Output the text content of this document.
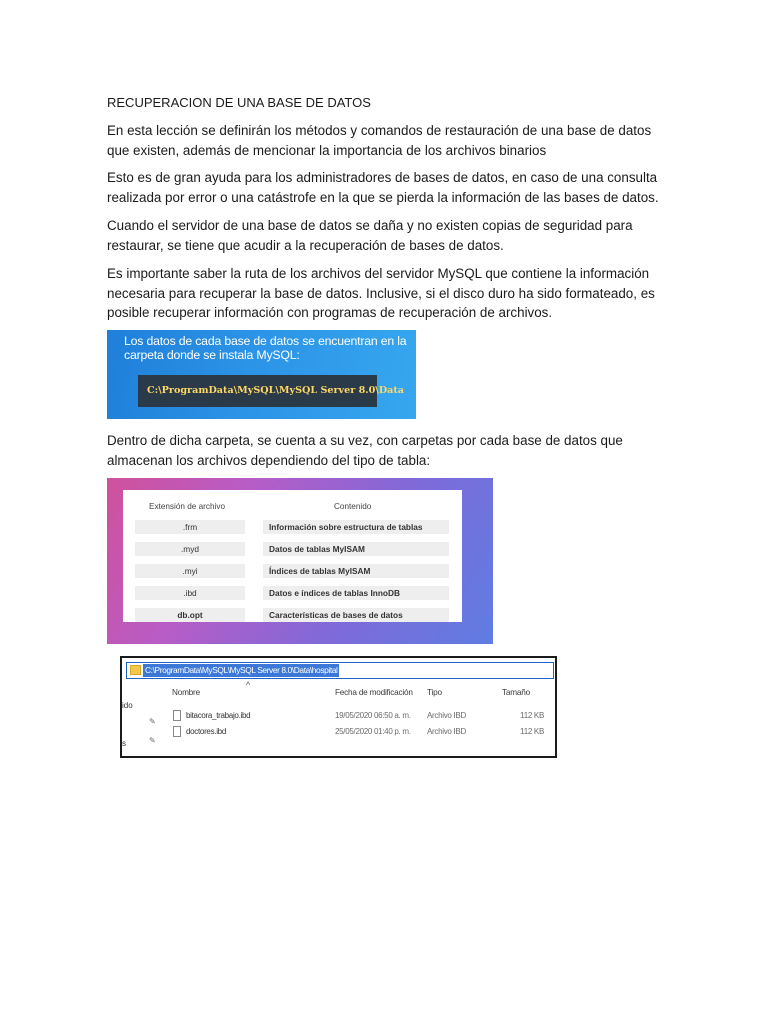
RECUPERACION DE UNA BASE DE DATOS
En esta lección se definirán los métodos y comandos de restauración de una base de datos que existen, además de mencionar la importancia de los archivos binarios
Esto es de gran ayuda para los administradores de bases de datos, en caso de una consulta realizada por error o una catástrofe en la que se pierda la información de las bases de datos.
Cuando el servidor de una base de datos se daña y no existen copias de seguridad para restaurar, se tiene que acudir a la recuperación de bases de datos.
Es importante saber la ruta de los archivos del servidor MySQL que contiene la información necesaria para recuperar la base de datos. Inclusive, si el disco duro ha sido formateado, es posible recuperar información con programas de recuperación de archivos.
Los datos de cada base de datos se encuentran en la carpeta donde se instala MySQL:
C:\ProgramData\MySQL\MySQL Server 8.0\Data
Dentro de dicha carpeta, se cuenta a su vez, con carpetas por cada base de datos que almacenan los archivos dependiendo del tipo de tabla:
Extensión de archivo	Contenido
.frm	Información sobre estructura de tablas
.myd	Datos de tablas MyISAM
.myi	Índices de tablas MyISAM
.ibd	Datos e índices de tablas InnoDB
db.opt	Características de bases de datos
C:\ProgramData\MySQL\MySQL Server 8.0\Data\hospital
^
Nombre	Fecha de modificación Tipo	Tamaño
ido
s
✎
✎
bitacora_trabajo.ibd	19/05/2020 06:50 a. m. Archivo IBD	112 KB
doctores.ibd	25/05/2020 01:40 p. m. Archivo IBD	112 KB
